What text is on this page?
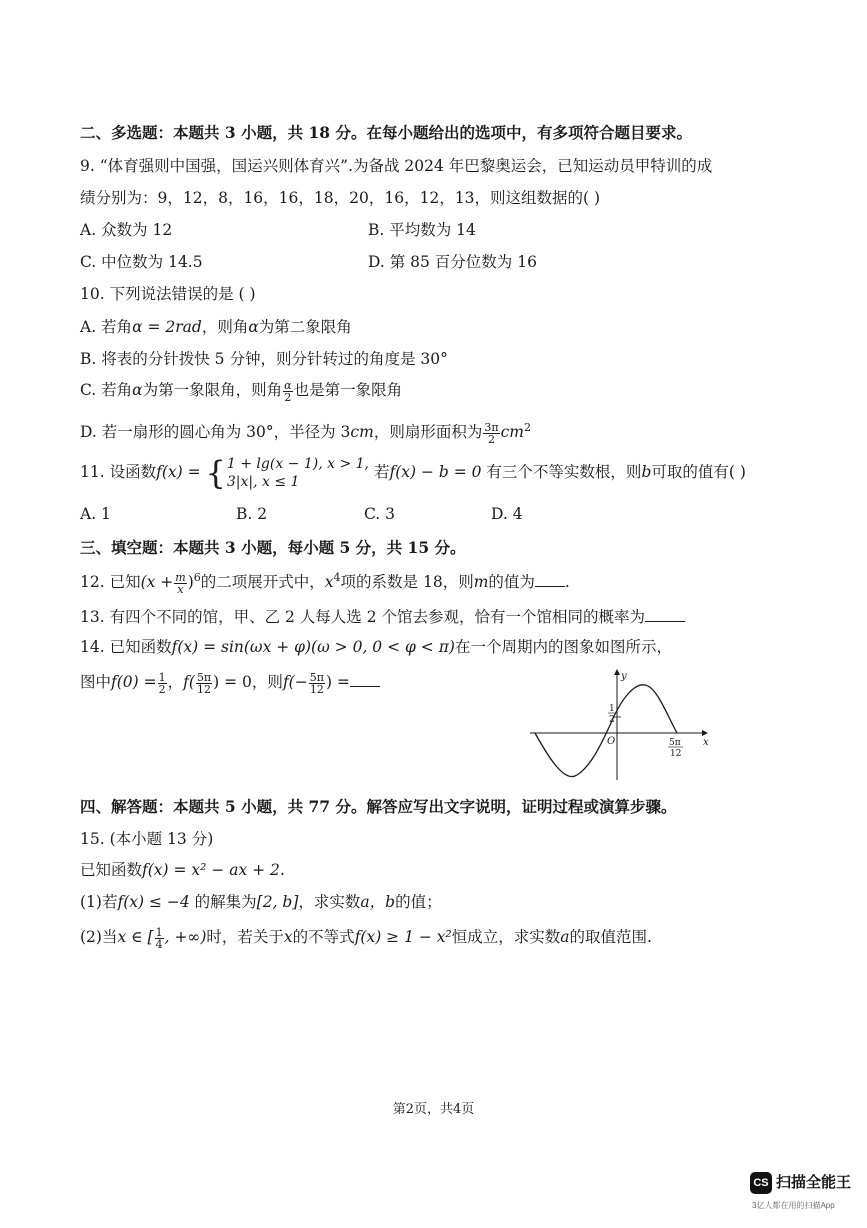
二、多选题：本题共 3 小题，共 18 分。在每小题给出的选项中，有多项符合题目要求。
9. “体育强则中国强，国运兴则体育兴”.为备战 2024 年巴黎奥运会，已知运动员甲特训的成
绩分别为：9，12，8，16，16，18，20，16，12，13，则这组数据的( )
A. 众数为 12	B. 平均数为 14
C. 中位数为 14.5	D. 第 85 百分位数为 16
10. 下列说法错误的是 ( )
A. 若角α = 2rad，则角α为第二象限角
B. 将表的分针拨快 5 分钟，则分针转过的角度是 30°
C. 若角α为第一象限角，则角 $\frac{\alpha}{2}$ 也是第一象限角
D. 若一扇形的圆心角为 30°，半径为 3cm，则扇形面积为 $\frac{3\pi}{2} cm^2$
11. 设函数f(x) = { 1 + lg(x − 1), x > 1,
3|x|, x ≤ 1
若f(x) − b = 0 有三个不等实数根，则b可取的值有( )
A. 1	B. 2	C. 3	D. 4
三、填空题：本题共 3 小题，每小题 5 分，共 15 分。
12. 已知$(x + \frac{m}{x} )^6$的二项展开式中，$x^4$项的系数是 18，则m的值为 .
13. 有四个不同的馆，甲、乙 2 人每人选 2 个馆去参观，恰有一个馆相同的概率为
14. 已知函数f(x) = sin(ωx + φ)(ω > 0, 0 < φ < π)在一个周期内的图象如图所示，
图中$f(0) = \frac{1}{2}$ ，$f( \frac{5\pi}{12}$ ) = 0，则$f(- \frac{5\pi}{12}$ ) =	y
x
O
1
2
5π
12
四、解答题：本题共 5 小题，共 77 分。解答应写出文字说明，证明过程或演算步骤。
15. (本小题 13 分)
已知函数f(x) = x² − ax + 2.
(1)若f(x) ≤ −4 的解集为[2, b]，求实数a，b的值；
(2)当x ∈ [ $\frac{1}{4}$ , +∞)时，若关于x的不等式f(x) ≥ 1 − x²恒成立，求实数a的取值范围.
第2页，共4页
CS 扫描全能王
3亿人都在用的扫描App
